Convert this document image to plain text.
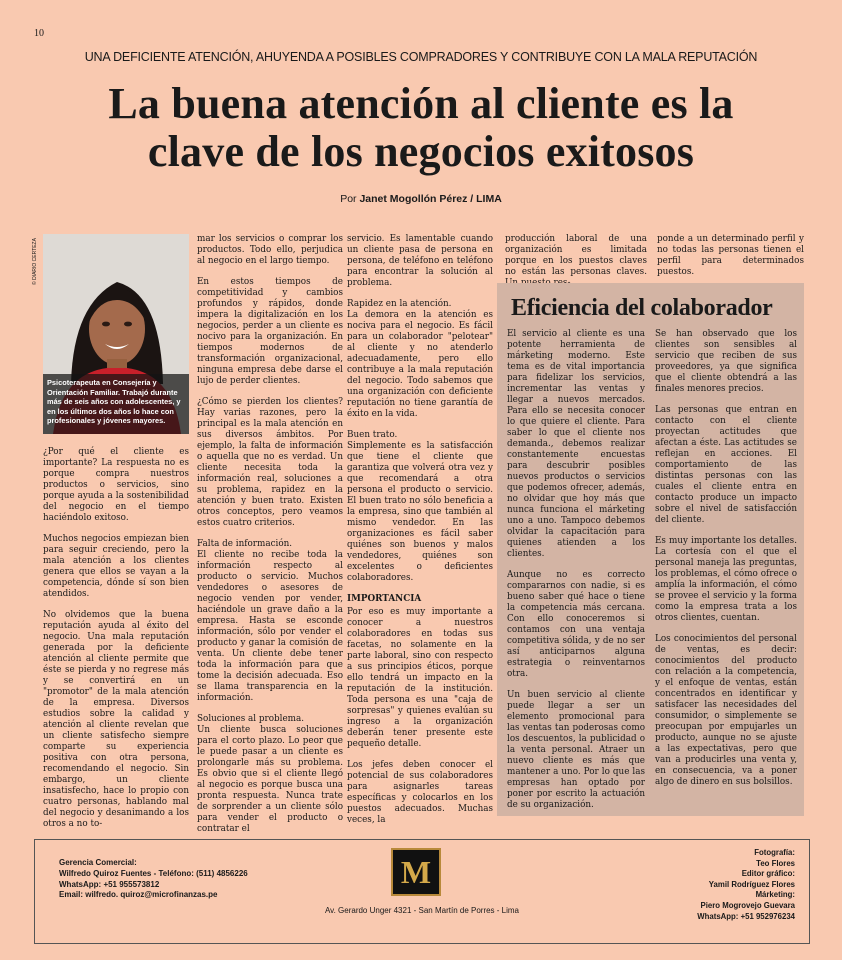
10
UNA DEFICIENTE ATENCIÓN, AHUYENDA A POSIBLES COMPRADORES Y CONTRIBUYE CON LA MALA REPUTACIÓN
La buena atención al cliente es la
clave de los negocios exitosos
Por Janet Mogollón Pérez / LIMA
© DIARIO CERTEZA
Psicoterapeuta en Consejería y Orientación Familiar. Trabajó durante más de seis años con adolescentes, y en los últimos dos años lo hace con profesionales y jóvenes mayores.

¿Por qué el cliente es importante? La respuesta no es porque compra nuestros productos o servicios, sino porque ayuda a la sostenibilidad del negocio en el tiempo haciéndolo exitoso.

Muchos negocios empiezan bien para seguir creciendo, pero la mala atención a los clientes genera que ellos se vayan a la competencia, dónde sí son bien atendidos.

No olvidemos que la buena reputación ayuda al éxito del negocio. Una mala reputación generada por la deficiente atención al cliente permite que éste se pierda y no regrese más y se convertirá en un "promotor" de la mala atención de la empresa. Diversos estudios sobre la calidad y atención al cliente revelan que un cliente satisfecho siempre comparte su experiencia positiva con otra persona, recomendando el negocio. Sin embargo, un cliente insatisfecho, hace lo propio con cuatro personas, hablando mal del negocio y desanimando a los otros a no to-

mar los servicios o comprar los productos. Todo ello, perjudica al negocio en el largo tiempo.

En estos tiempos de competitividad y cambios profundos y rápidos, donde impera la digitalización en los negocios, perder a un cliente es nocivo para la organización. En tiempos modernos de transformación organizacional, ninguna empresa debe darse el lujo de perder clientes.

¿Cómo se pierden los clientes? Hay varias razones, pero la principal es la mala atención en sus diversos ámbitos. Por ejemplo, la falta de información o aquella que no es verdad. Un cliente necesita toda la información real, soluciones a su problema, rapidez en la atención y buen trato. Existen otros conceptos, pero veamos estos cuatro criterios.

Falta de información.

El cliente no recibe toda la información respecto al producto o servicio. Muchos vendedores o asesores de negocio venden por vender, haciéndole un grave daño a la empresa. Hasta se esconde información, sólo por vender el producto y ganar la comisión de venta. Un cliente debe tener toda la información para que tome la decisión adecuada. Eso se llama transparencia en la información.

Soluciones al problema.

Un cliente busca soluciones para el corto plazo. Lo peor que le puede pasar a un cliente es prolongarle más su problema. Es obvio que si el cliente llegó al negocio es porque busca una pronta respuesta. Nunca trate de sorprender a un cliente sólo para vender el producto o contratar el

servicio. Es lamentable cuando un cliente pasa de persona en persona, de teléfono en teléfono para encontrar la solución al problema.

Rapidez en la atención.

La demora en la atención es nociva para el negocio. Es fácil para un colaborador "pelotear" al cliente y no atenderlo adecuadamente, pero ello contribuye a la mala reputación del negocio. Todo sabemos que una organización con deficiente reputación no tiene garantía de éxito en la vida.

Buen trato.

Simplemente es la satisfacción que tiene el cliente que garantiza que volverá otra vez y que recomendará a otra persona el producto o servicio. El buen trato no sólo beneficia a la empresa, sino que también al mismo vendedor. En las organizaciones es fácil saber quiénes son buenos y malos vendedores, quiénes son excelentes o deficientes colaboradores.

IMPORTANCIA

Por eso es muy importante a conocer a nuestros colaboradores en todas sus facetas, no solamente en la parte laboral, sino con respecto a sus principios éticos, porque ello tendrá un impacto en la reputación de la institución. Toda persona es una "caja de sorpresas" y quienes evalúan su ingreso a la organización deberán tener presente este pequeño detalle.

Los jefes deben conocer el potencial de sus colaboradores para asignarles tareas específicas y colocarlos en los puestos adecuados. Muchas veces, la

producción laboral de una organización es limitada porque en los puestos claves no están las personas claves.

ponde a un determinado perfil y no todas las personas tienen el perfil para determinados puestos.

Eficiencia del colaborador

El servicio al cliente es una potente herramienta de márketing moderno. Este tema es de vital importancia para fidelizar los servicios, incrementar las ventas y llegar a nuevos mercados. Para ello se necesita conocer lo que quiere el cliente. Para saber lo que el cliente nos demanda., debemos realizar constantemente encuestas para descubrir posibles nuevos productos o servicios que podemos ofrecer, además, no olvidar que hoy más que nunca funciona el márketing uno a uno. Tampoco debemos olvidar la capacitación para quienes atienden a los clientes.

Aunque no es correcto compararnos con nadie, si es bueno saber qué hace o tiene la competencia más cercana. Con ello conoceremos si contamos con una ventaja competitiva sólida, y de no ser así anticiparnos alguna estrategia o reinventarnos otra.

Un buen servicio al cliente puede llegar a ser un elemento promocional para las ventas tan poderosas como los descuentos, la publicidad o la venta personal. Atraer un nuevo cliente es más que mantener a uno. Por lo que las empresas han optado por poner por escrito la actuación de su organización.

Se han observado que los clientes son sensibles al servicio que reciben de sus proveedores, ya que significa que el cliente obtendrá a las finales menores precios.

Las personas que entran en contacto con el cliente proyectan actitudes que afectan a éste. Las actitudes se reflejan en acciones. El comportamiento de las distintas personas con las cuales el cliente entra en contacto produce un impacto sobre el nivel de satisfacción del cliente.

Es muy importante los detalles. La cortesía con el que el personal maneja las preguntas, los problemas, el cómo ofrece o amplía la información, el cómo se provee el servicio y la forma como la empresa trata a los otros clientes, cuentan.

Los conocimientos del personal de ventas, es decir: conocimientos del producto con relación a la competencia, y el enfoque de ventas, están concentrados en identificar y satisfacer las necesidades del consumidor, o simplemente se preocupan por empujarles un producto, aunque no se ajuste a las expectativas, pero que van a producirles una venta y, en consecuencia, va a poner algo de dinero en sus bolsillos.

Gerencia Comercial:
Wilfredo Quiroz Fuentes - Teléfono: (511) 4856226
WhatsApp: +51 955573812
Email: wilfredo. quiroz@microfinanzas.pe
M
Av. Gerardo Unger 4321 - San Martín de Porres - Lima
Fotografía:
Teo Flores
Editor gráfico:
Yamil Rodríguez Flores
Márketing:
Piero Mogrovejo Guevara
WhatsApp: +51 952976234
